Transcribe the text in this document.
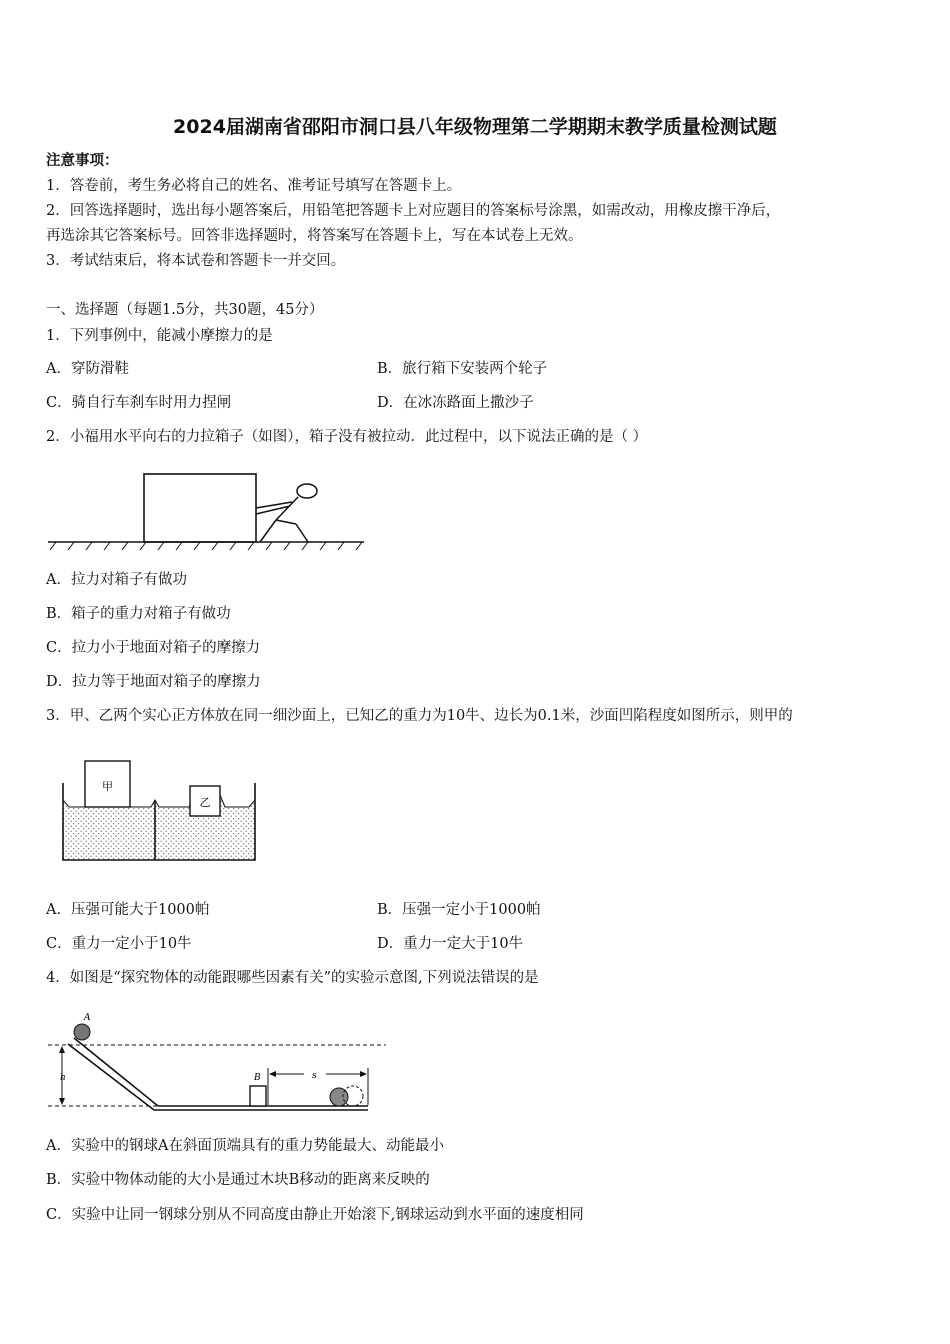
2024届湖南省邵阳市洞口县八年级物理第二学期期末教学质量检测试题
注意事项：
1．答卷前，考生务必将自己的姓名、准考证号填写在答题卡上。
2．回答选择题时，选出每小题答案后，用铅笔把答题卡上对应题目的答案标号涂黑，如需改动，用橡皮擦干净后，
再选涂其它答案标号。回答非选择题时，将答案写在答题卡上，写在本试卷上无效。
3．考试结束后，将本试卷和答题卡一并交回。
一、选择题（每题1.5分，共30题，45分）
1．下列事例中，能减小摩擦力的是
A．穿防滑鞋	B．旅行箱下安装两个轮子
C．骑自行车刹车时用力捏闸	D．在冰冻路面上撒沙子
2．小福用水平向右的力拉箱子（如图），箱子没有被拉动．此过程中，以下说法正确的是（ ）
A．拉力对箱子有做功
B．箱子的重力对箱子有做功
C．拉力小于地面对箱子的摩擦力
D．拉力等于地面对箱子的摩擦力
3．甲、乙两个实心正方体放在同一细沙面上，已知乙的重力为10牛、边长为0.1米，沙面凹陷程度如图所示，则甲的
甲
乙
A．压强可能大于1000帕	B．压强一定小于1000帕
C．重力一定小于10牛	D．重力一定大于10牛
4．如图是“探究物体的动能跟哪些因素有关”的实验示意图,下列说法错误的是
h
A
B	s
A．实验中的钢球A在斜面顶端具有的重力势能最大、动能最小
B．实验中物体动能的大小是通过木块B移动的距离来反映的
C．实验中让同一钢球分别从不同高度由静止开始滚下,钢球运动到水平面的速度相同
